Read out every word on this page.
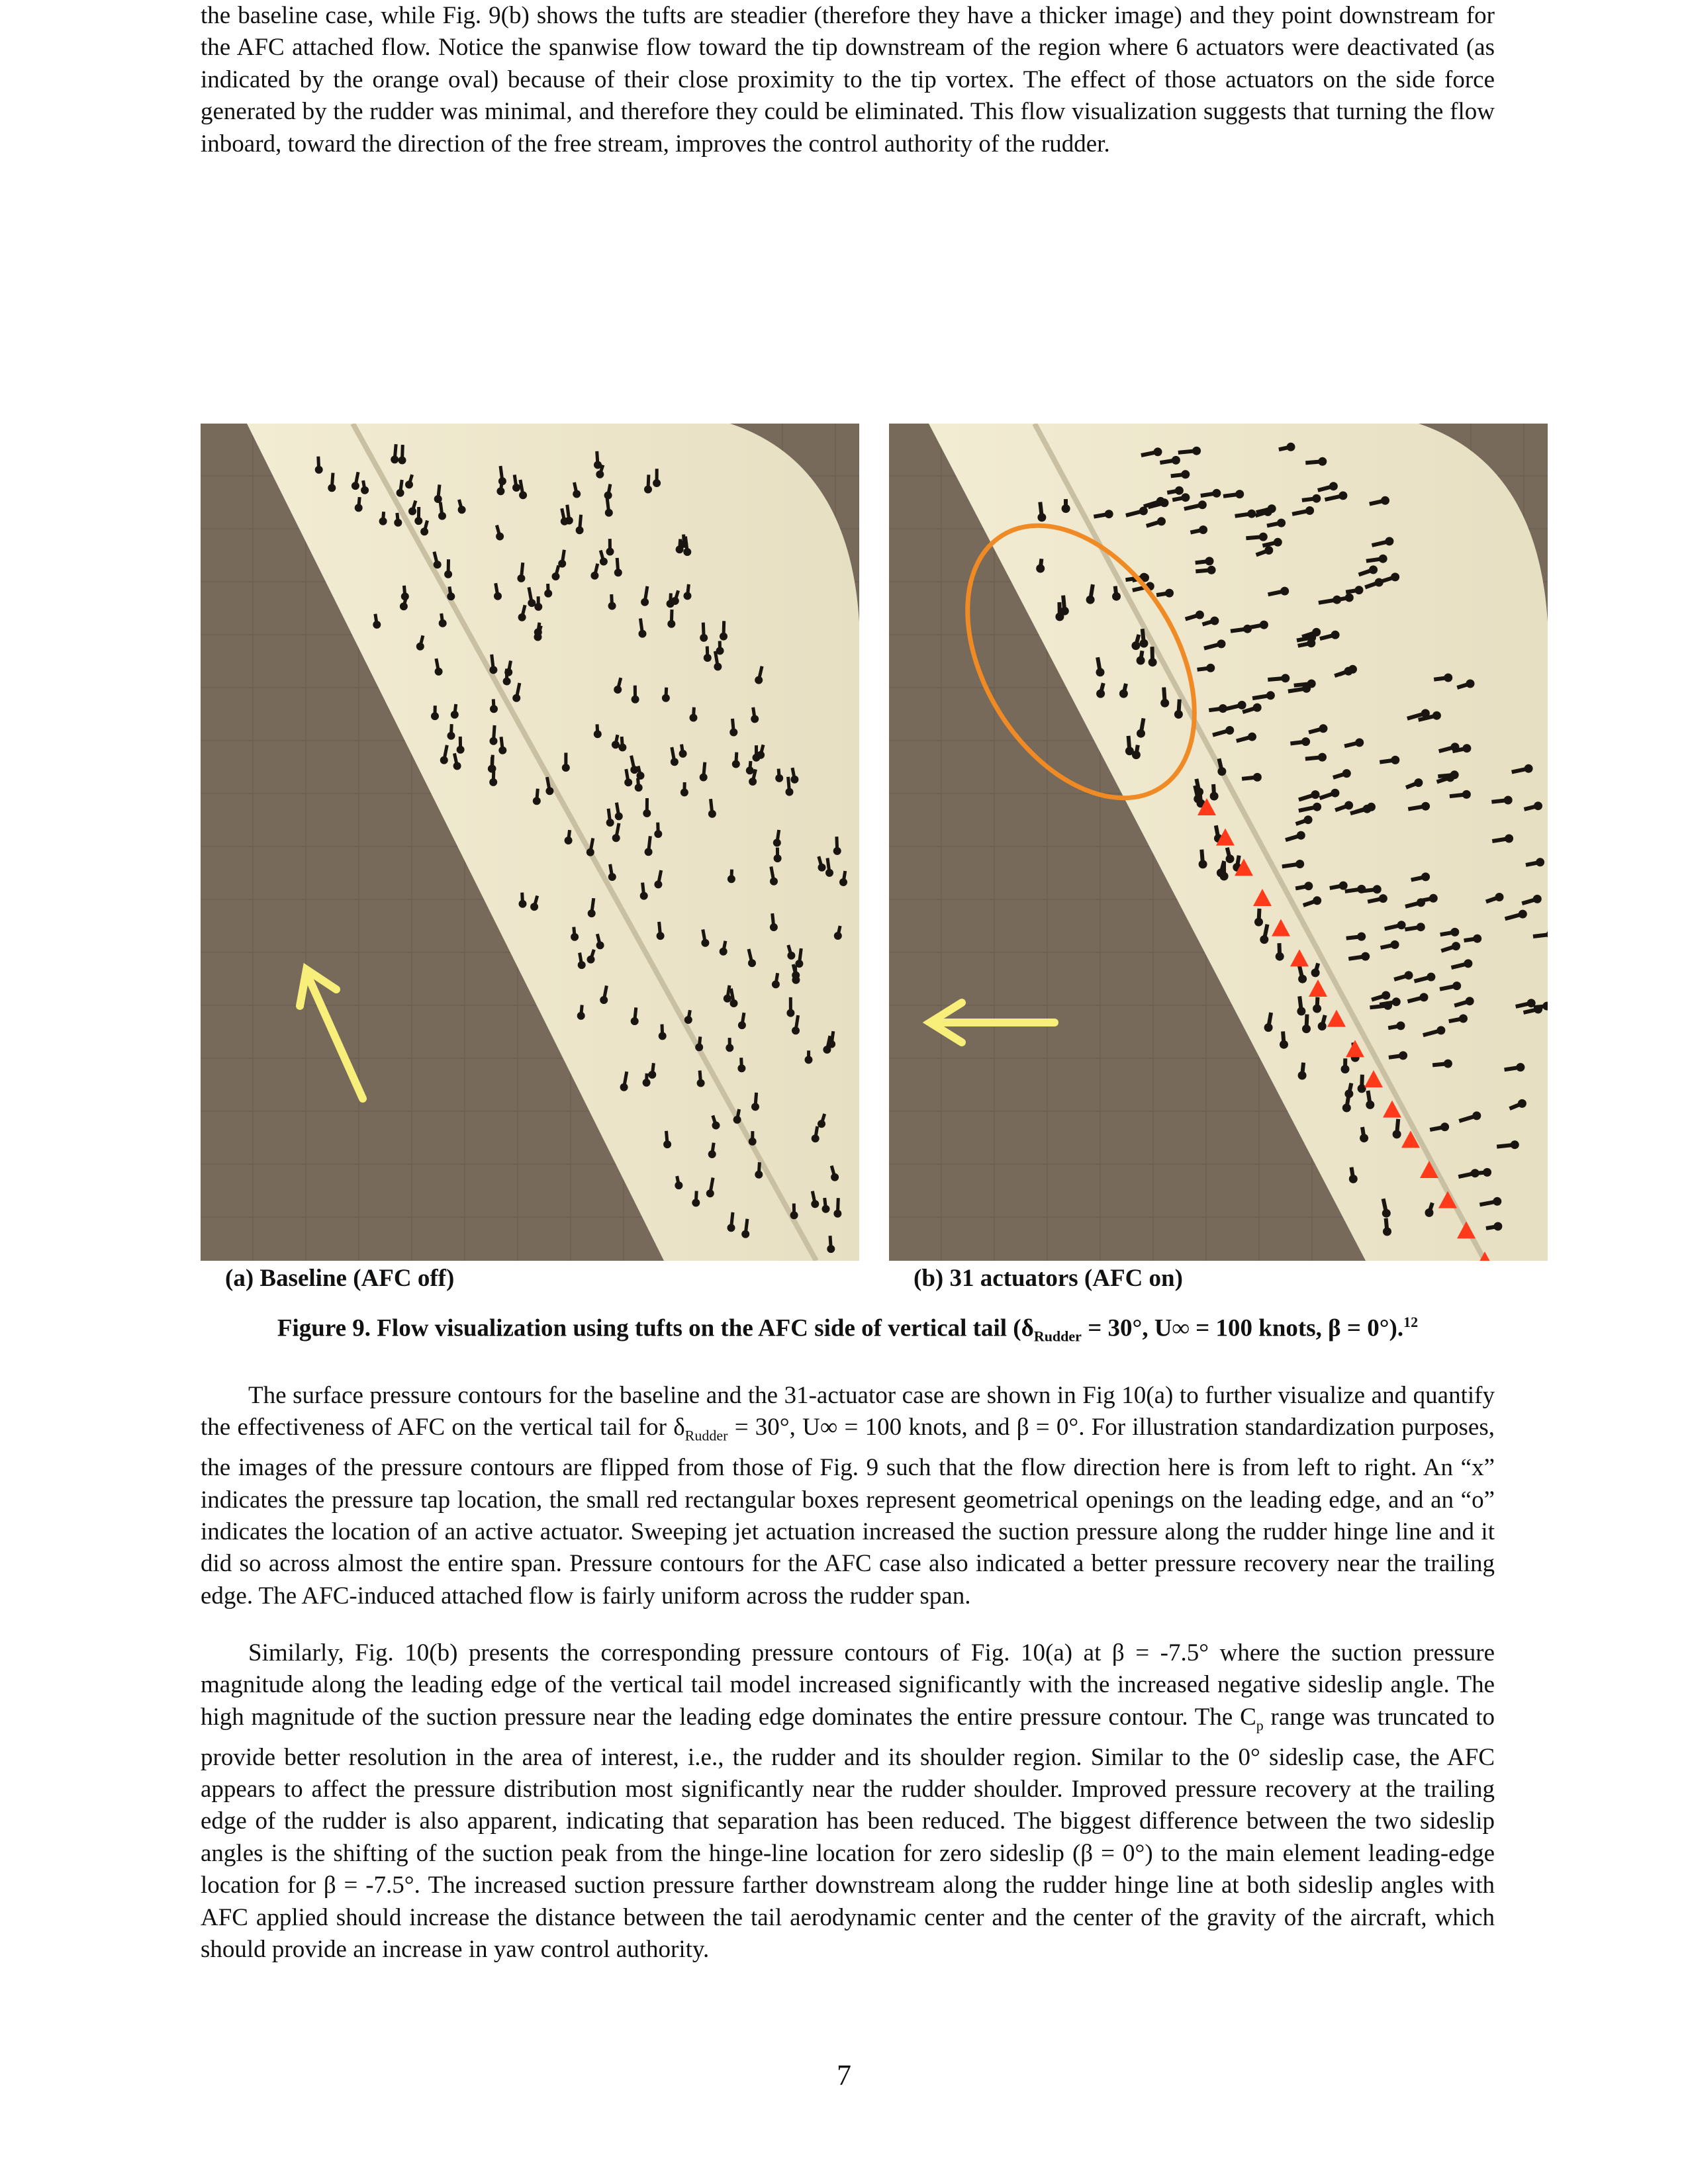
the baseline case, while Fig. 9(b) shows the tufts are steadier (therefore they have a thicker image) and they point downstream for the AFC attached flow. Notice the spanwise flow toward the tip downstream of the region where 6 actuators were deactivated (as indicated by the orange oval) because of their close proximity to the tip vortex. The effect of those actuators on the side force generated by the rudder was minimal, and therefore they could be eliminated. This flow visualization suggests that turning the flow inboard, toward the direction of the free stream, improves the control authority of the rudder.

(a) Baseline (AFC off)	(b) 31 actuators (AFC on)
Figure 9. Flow visualization using tufts on the AFC side of vertical tail ($\delta_{Rudder} = 30^\circ$, U∞ = 100 knots, β = 0°).$^{12}$

The surface pressure contours for the baseline and the 31-actuator case are shown in Fig 10(a) to further visualize and quantify the effectiveness of AFC on the vertical tail for $\delta_{Rudder} = 30^\circ$, U∞ = 100 knots, and β = 0°. For illustration standardization purposes, the images of the pressure contours are flipped from those of Fig. 9 such that the flow direction here is from left to right. An “x” indicates the pressure tap location, the small red rectangular boxes represent geometrical openings on the leading edge, and an “o” indicates the location of an active actuator. Sweeping jet actuation increased the suction pressure along the rudder hinge line and it did so across almost the entire span. Pressure contours for the AFC case also indicated a better pressure recovery near the trailing edge. The AFC-induced attached flow is fairly uniform across the rudder span.

Similarly, Fig. 10(b) presents the corresponding pressure contours of Fig. 10(a) at β = -7.5° where the suction pressure magnitude along the leading edge of the vertical tail model increased significantly with the increased negative sideslip angle. The high magnitude of the suction pressure near the leading edge dominates the entire pressure contour. The $C_p$ range was truncated to provide better resolution in the area of interest, i.e., the rudder and its shoulder region. Similar to the 0° sideslip case, the AFC appears to affect the pressure distribution most significantly near the rudder shoulder. Improved pressure recovery at the trailing edge of the rudder is also apparent, indicating that separation has been reduced. The biggest difference between the two sideslip angles is the shifting of the suction peak from the hinge-line location for zero sideslip (β = 0°) to the main element leading-edge location for β = -7.5°. The increased suction pressure farther downstream along the rudder hinge line at both sideslip angles with AFC applied should increase the distance between the tail aerodynamic center and the center of the gravity of the aircraft, which should provide an increase in yaw control authority.

7
